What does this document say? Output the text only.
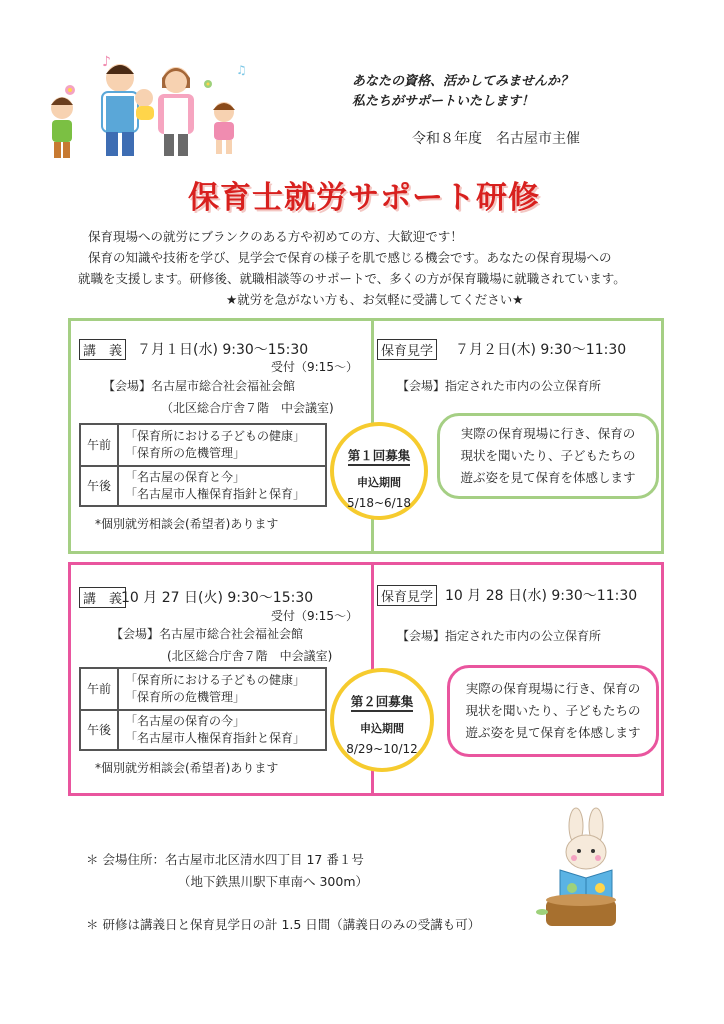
♪	♫
あなたの資格、活かしてみませんか？
私たちがサポートいたします！
令和８年度　名古屋市主催
保育士就労サポート研修
保育現場への就労にブランクのある方や初めての方、大歓迎です！
保育の知識や技術を学び、見学会で保育の様子を肌で感じる機会です。あなたの保育現場への
就職を支援します。研修後、就職相談等のサポートで、多くの方が保育職場に就職されています。
★就労を急がない方も、お気軽に受講してください★
講　義 ７月１日(水) 9:30～15:30
受付（9:15～）
【会場】名古屋市総合社会福祉会館
（北区総合庁舎７階　中会議室)
午前
「保育所における子どもの健康」
「保育所の危機管理」
午後
「名古屋の保育と今」
「名古屋市人権保育指針と保育」
*個別就労相談会(希望者)あります
保育見学 ７月２日(木) 9:30～11:30
【会場】指定された市内の公立保育所
実際の保育現場に行き、保育の
現状を聞いたり、子どもたちの
遊ぶ姿を見て保育を体感します
第１回募集
申込期間
5/18~6/18
講　義
10 月 27 日(火) 9:30～15:30
受付（9:15～）
【会場】名古屋市総合社会福祉会館
(北区総合庁舎７階　中会議室)
午前
「保育所における子どもの健康」
「保育所の危機管理」
午後
「名古屋の保育の今」
「名古屋市人権保育指針と保育」
*個別就労相談会(希望者)あります
保育見学 10 月 28 日(水) 9:30～11:30
【会場】指定された市内の公立保育所
実際の保育現場に行き、保育の
現状を聞いたり、子どもたちの
遊ぶ姿を見て保育を体感します
第２回募集
申込期間
8/29~10/12
＊ 会場住所：名古屋市北区清水四丁目 17 番１号
（地下鉄黒川駅下車南へ 300m）
＊ 研修は講義日と保育見学日の計 1.5 日間（講義日のみの受講も可）
